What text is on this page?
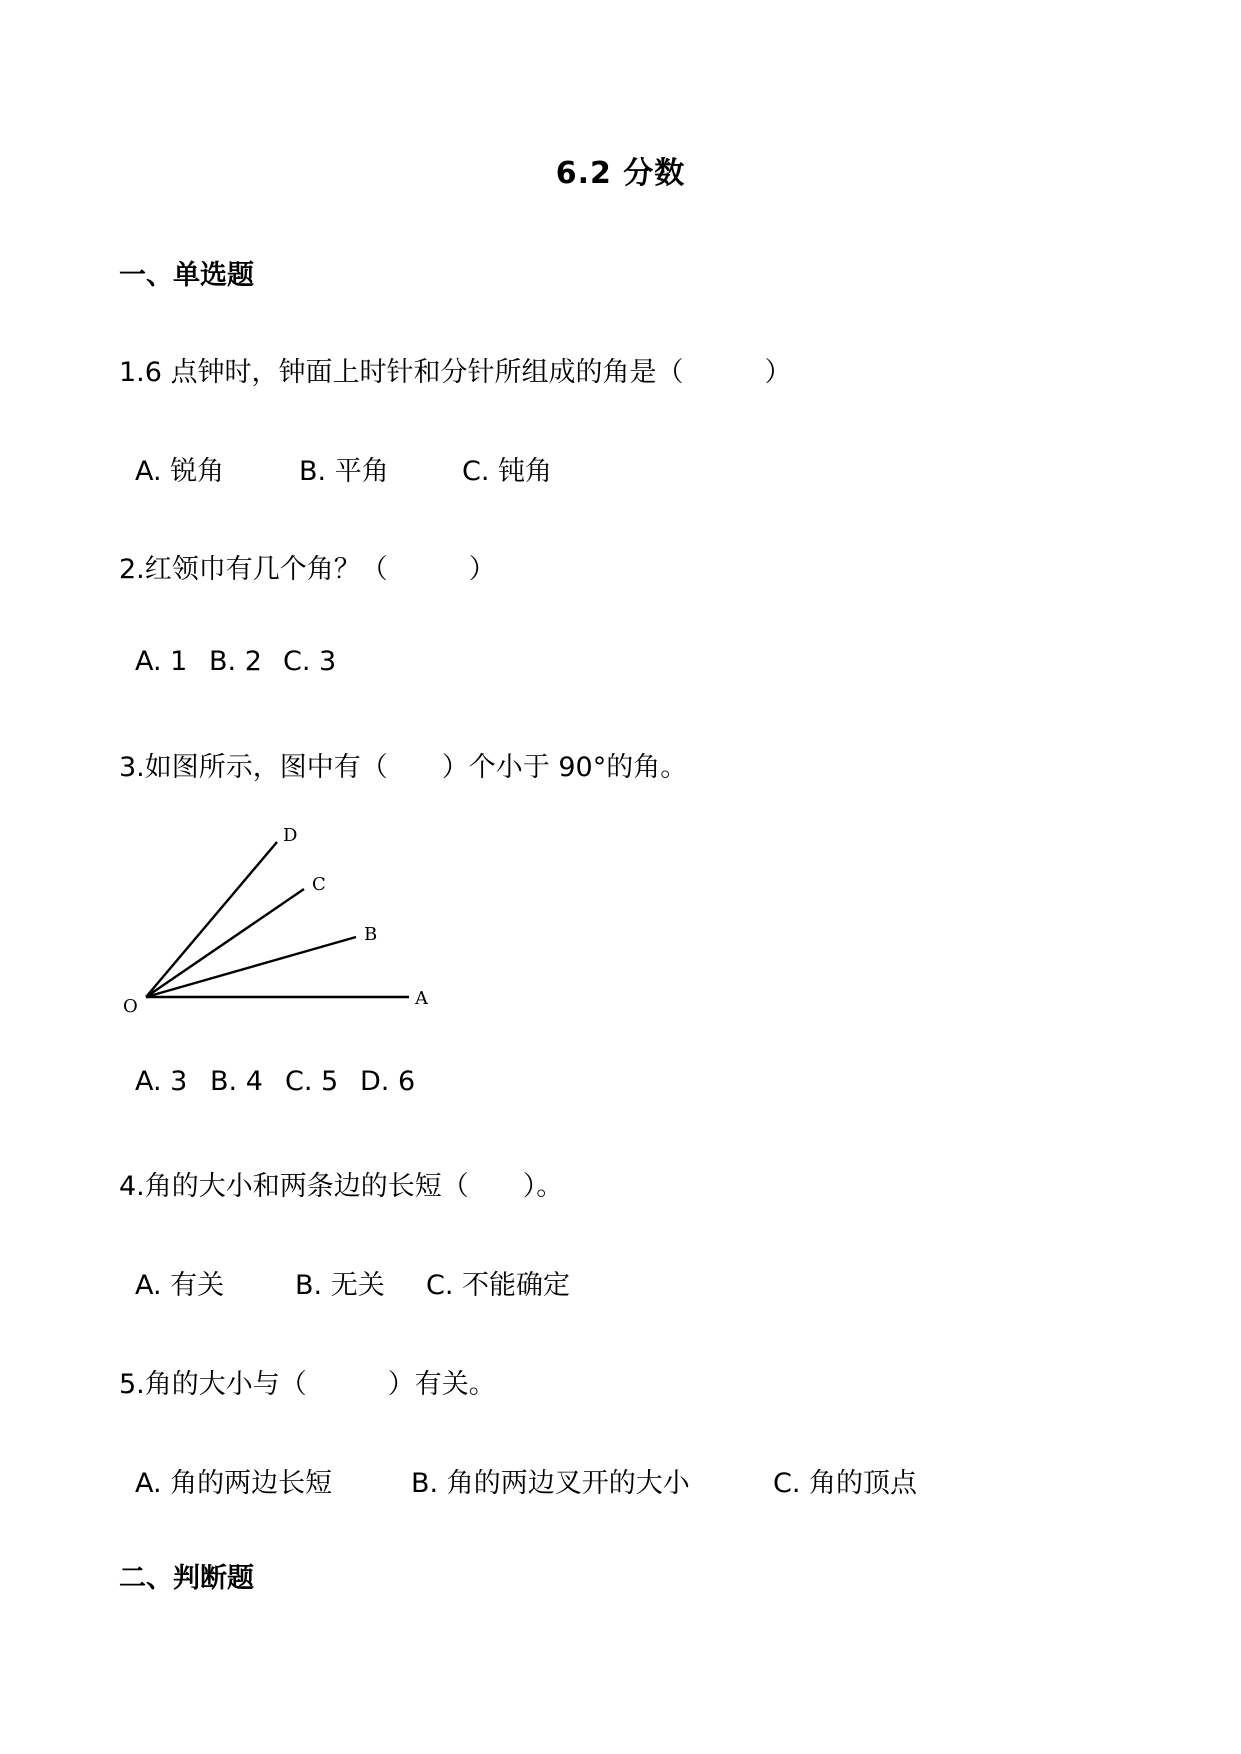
6.2 分数
一、单选题
1.6 点钟时，钟面上时针和分针所组成的角是（　　　）
A. 锐角	B. 平角	C. 钝角
2.红领巾有几个角？（　　　）
A. 1 B. 2 C. 3
3.如图所示，图中有（　　）个小于 90°的角。
O	A
B
C
D
A. 3 B. 4 C. 5 D. 6
4.角的大小和两条边的长短（　　）。
A. 有关	B. 无关 C. 不能确定
5.角的大小与（　　　）有关。
A. 角的两边长短	B. 角的两边叉开的大小	C. 角的顶点
二、判断题
